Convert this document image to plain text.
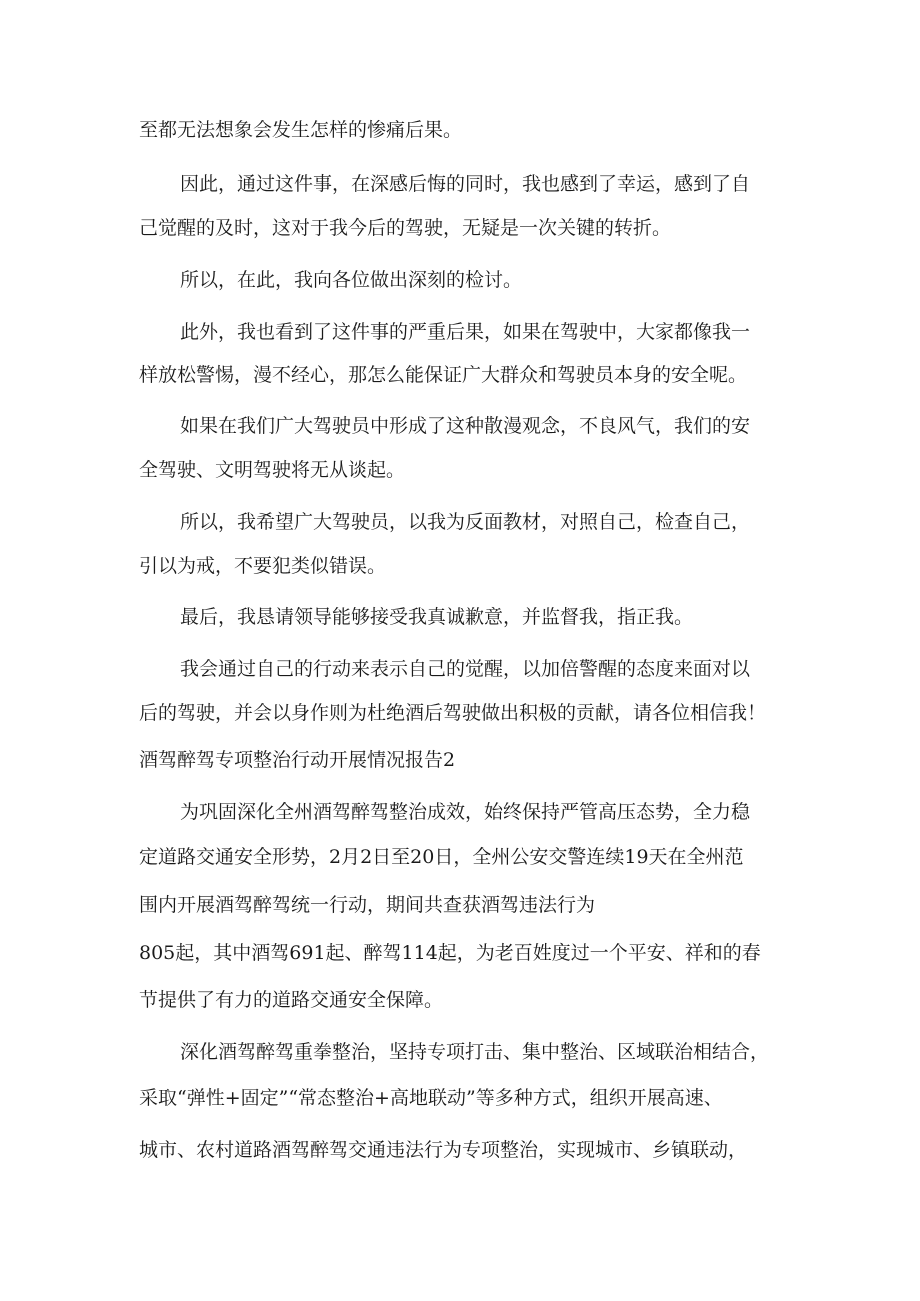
至都无法想象会发生怎样的惨痛后果。

因此，通过这件事，在深感后悔的同时，我也感到了幸运，感到了自

己觉醒的及时，这对于我今后的驾驶，无疑是一次关键的转折。

所以，在此，我向各位做出深刻的检讨。

此外，我也看到了这件事的严重后果，如果在驾驶中，大家都像我一

样放松警惕，漫不经心，那怎么能保证广大群众和驾驶员本身的安全呢。

如果在我们广大驾驶员中形成了这种散漫观念，不良风气，我们的安

全驾驶、文明驾驶将无从谈起。

所以，我希望广大驾驶员，以我为反面教材，对照自己，检查自己，

引以为戒，不要犯类似错误。

最后，我恳请领导能够接受我真诚歉意，并监督我，指正我。

我会通过自己的行动来表示自己的觉醒，以加倍警醒的态度来面对以

后的驾驶，并会以身作则为杜绝酒后驾驶做出积极的贡献，请各位相信我！

酒驾醉驾专项整治行动开展情况报告2

为巩固深化全州酒驾醉驾整治成效，始终保持严管高压态势，全力稳

定道路交通安全形势，2月2日至20日，全州公安交警连续19天在全州范

围内开展酒驾醉驾统一行动，期间共查获酒驾违法行为

805起，其中酒驾691起、醉驾114起，为老百姓度过一个平安、祥和的春

节提供了有力的道路交通安全保障。

深化酒驾醉驾重拳整治，坚持专项打击、集中整治、区域联治相结合，

采取“弹性+固定”“常态整治+高地联动”等多种方式，组织开展高速、

城市、农村道路酒驾醉驾交通违法行为专项整治，实现城市、乡镇联动，
